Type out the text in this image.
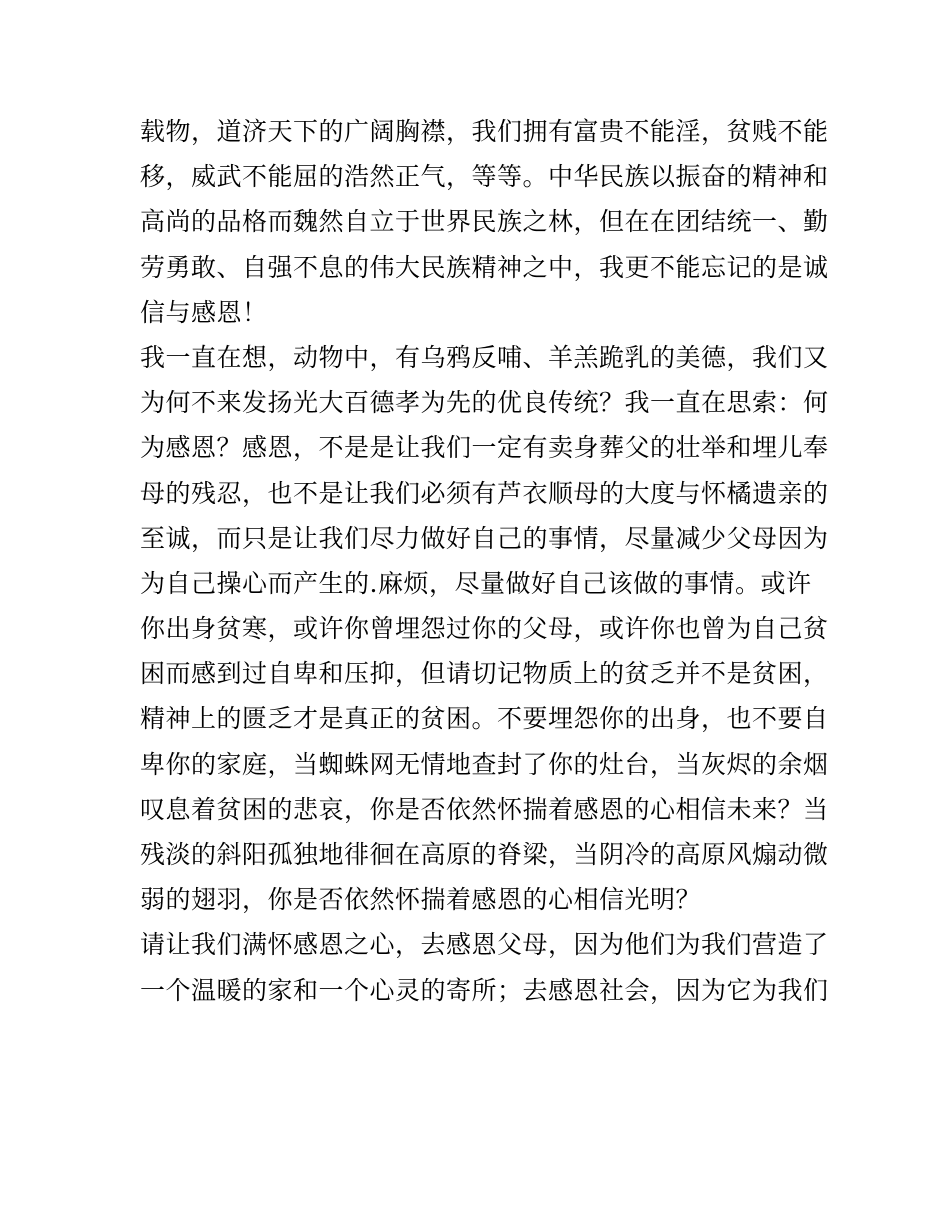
载物，道济天下的广阔胸襟，我们拥有富贵不能淫，贫贱不能
移，威武不能屈的浩然正气，等等。中华民族以振奋的精神和
高尚的品格而魏然自立于世界民族之林，但在在团结统一、勤
劳勇敢、自强不息的伟大民族精神之中，我更不能忘记的是诚
信与感恩！
我一直在想，动物中，有乌鸦反哺、羊羔跪乳的美德，我们又
为何不来发扬光大百德孝为先的优良传统？我一直在思索：何
为感恩？感恩，不是是让我们一定有卖身葬父的壮举和埋儿奉
母的残忍，也不是让我们必须有芦衣顺母的大度与怀橘遗亲的
至诚，而只是让我们尽力做好自己的事情，尽量减少父母因为
为自己操心而产生的.麻烦，尽量做好自己该做的事情。或许
你出身贫寒，或许你曾埋怨过你的父母，或许你也曾为自己贫
困而感到过自卑和压抑，但请切记物质上的贫乏并不是贫困，
精神上的匮乏才是真正的贫困。不要埋怨你的出身，也不要自
卑你的家庭，当蜘蛛网无情地查封了你的灶台，当灰烬的余烟
叹息着贫困的悲哀，你是否依然怀揣着感恩的心相信未来？当
残淡的斜阳孤独地徘徊在高原的脊梁，当阴冷的高原风煽动微
弱的翅羽，你是否依然怀揣着感恩的心相信光明？
请让我们满怀感恩之心，去感恩父母，因为他们为我们营造了
一个温暖的家和一个心灵的寄所；去感恩社会，因为它为我们
